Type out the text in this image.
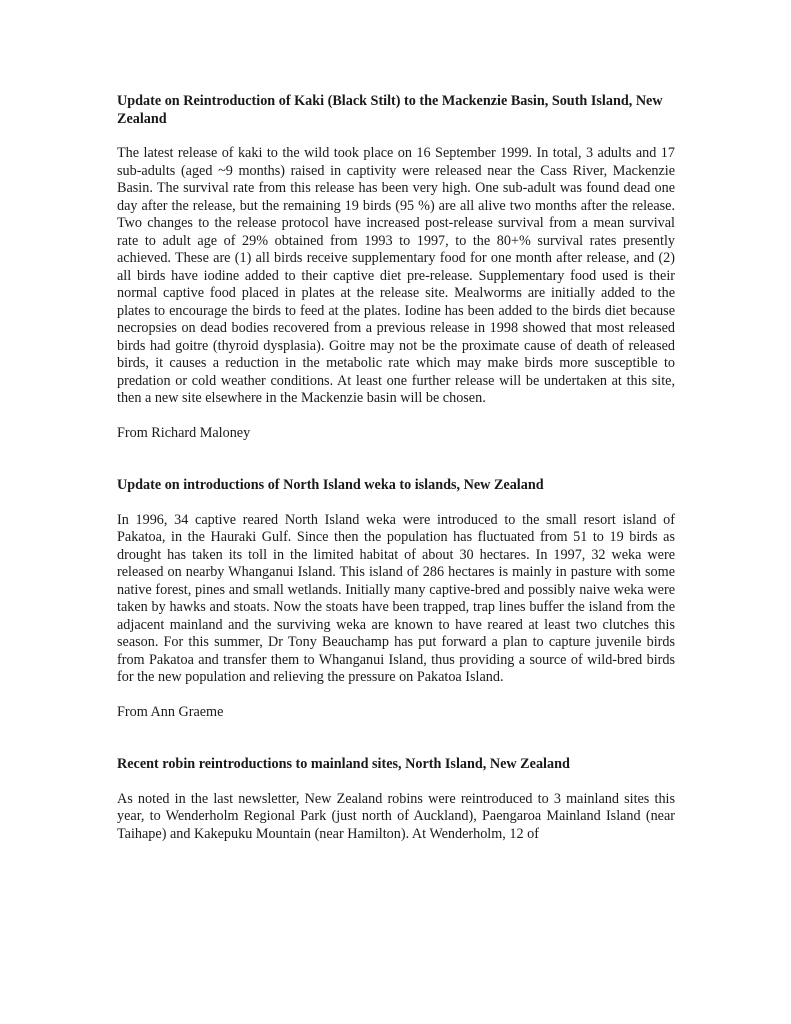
Update on Reintroduction of Kaki (Black Stilt) to the Mackenzie Basin, South Island, New Zealand

The latest release of kaki to the wild took place on 16 September 1999. In total, 3 adults and 17 sub-adults (aged ~9 months) raised in captivity were released near the Cass River, Mackenzie Basin. The survival rate from this release has been very high. One sub-adult was found dead one day after the release, but the remaining 19 birds (95 %) are all alive two months after the release. Two changes to the release protocol have increased post-release survival from a mean survival rate to adult age of 29% obtained from 1993 to 1997, to the 80+% survival rates presently achieved. These are (1) all birds receive supplementary food for one month after release, and (2) all birds have iodine added to their captive diet pre-release. Supplementary food used is their normal captive food placed in plates at the release site. Mealworms are initially added to the plates to encourage the birds to feed at the plates. Iodine has been added to the birds diet because necropsies on dead bodies recovered from a previous release in 1998 showed that most released birds had goitre (thyroid dysplasia). Goitre may not be the proximate cause of death of released birds, it causes a reduction in the metabolic rate which may make birds more susceptible to predation or cold weather conditions. At least one further release will be undertaken at this site, then a new site elsewhere in the Mackenzie basin will be chosen.

From Richard Maloney

Update on introductions of North Island weka to islands, New Zealand

In 1996, 34 captive reared North Island weka were introduced to the small resort island of Pakatoa, in the Hauraki Gulf. Since then the population has fluctuated from 51 to 19 birds as drought has taken its toll in the limited habitat of about 30 hectares. In 1997, 32 weka were released on nearby Whanganui Island. This island of 286 hectares is mainly in pasture with some native forest, pines and small wetlands. Initially many captive-bred and possibly naive weka were taken by hawks and stoats. Now the stoats have been trapped, trap lines buffer the island from the adjacent mainland and the surviving weka are known to have reared at least two clutches this season. For this summer, Dr Tony Beauchamp has put forward a plan to capture juvenile birds from Pakatoa and transfer them to Whanganui Island, thus providing a source of wild-bred birds for the new population and relieving the pressure on Pakatoa Island.

From Ann Graeme

Recent robin reintroductions to mainland sites, North Island, New Zealand

As noted in the last newsletter, New Zealand robins were reintroduced to 3 mainland sites this year, to Wenderholm Regional Park (just north of Auckland), Paengaroa Mainland Island (near Taihape) and Kakepuku Mountain (near Hamilton). At Wenderholm, 12 of
